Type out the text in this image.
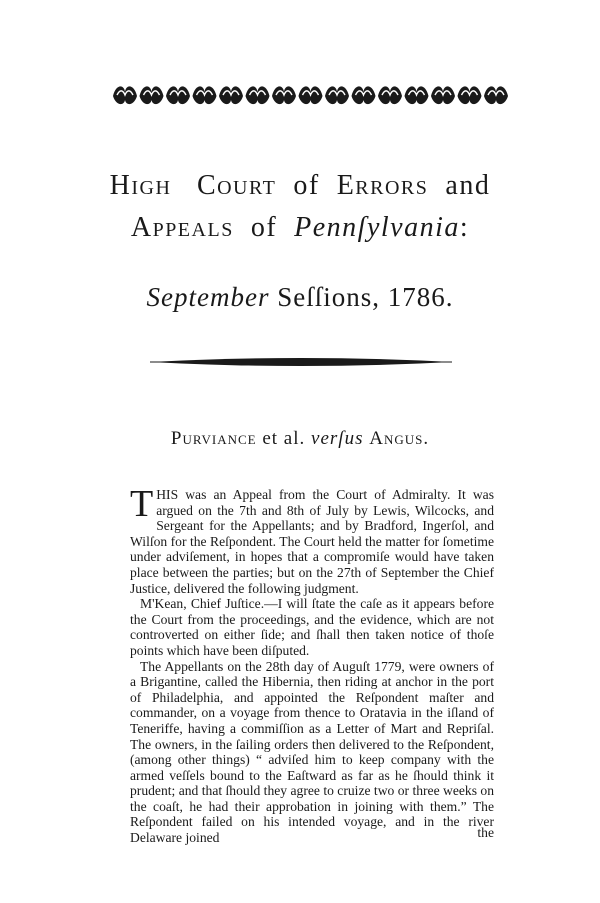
High Court of Errors and
Appeals of Pennſylvania:
September Seſſions, 1786.
Purviance et al. verſus Angus.

THIS was an Appeal from the Court of Admiralty. It was argued on the 7th and 8th of July by Lewis, Wilcocks, and Sergeant for the Appellants; and by Bradford, Ingerſol, and Wilſon for the Reſpondent. The Court held the matter for ſometime under adviſement, in hopes that a compromiſe would have taken place between the parties; but on the 27th of September the Chief Justice, delivered the following judgment.

M'Kean, Chief Juſtice.—I will ſtate the caſe as it appears before the Court from the proceedings, and the evidence, which are not controverted on either ſide; and ſhall then taken notice of thoſe points which have been diſputed.

The Appellants on the 28th day of Auguſt 1779, were owners of a Brigantine, called the Hibernia, then riding at anchor in the port of Philadelphia, and appointed the Reſpondent maſter and commander, on a voyage from thence to Oratavia in the iſland of Teneriffe, having a commiſſion as a Letter of Mart and Repriſal. The owners, in the ſailing orders then delivered to the Reſpondent, (among other things) “ adviſed him to keep company with the armed veſſels bound to the Eaſtward as far as he ſhould think it prudent; and that ſhould they agree to cruize two or three weeks on the coaſt, he had their approbation in joining with them.” The Reſpondent failed on his intended voyage, and in the river Delaware joined	the
